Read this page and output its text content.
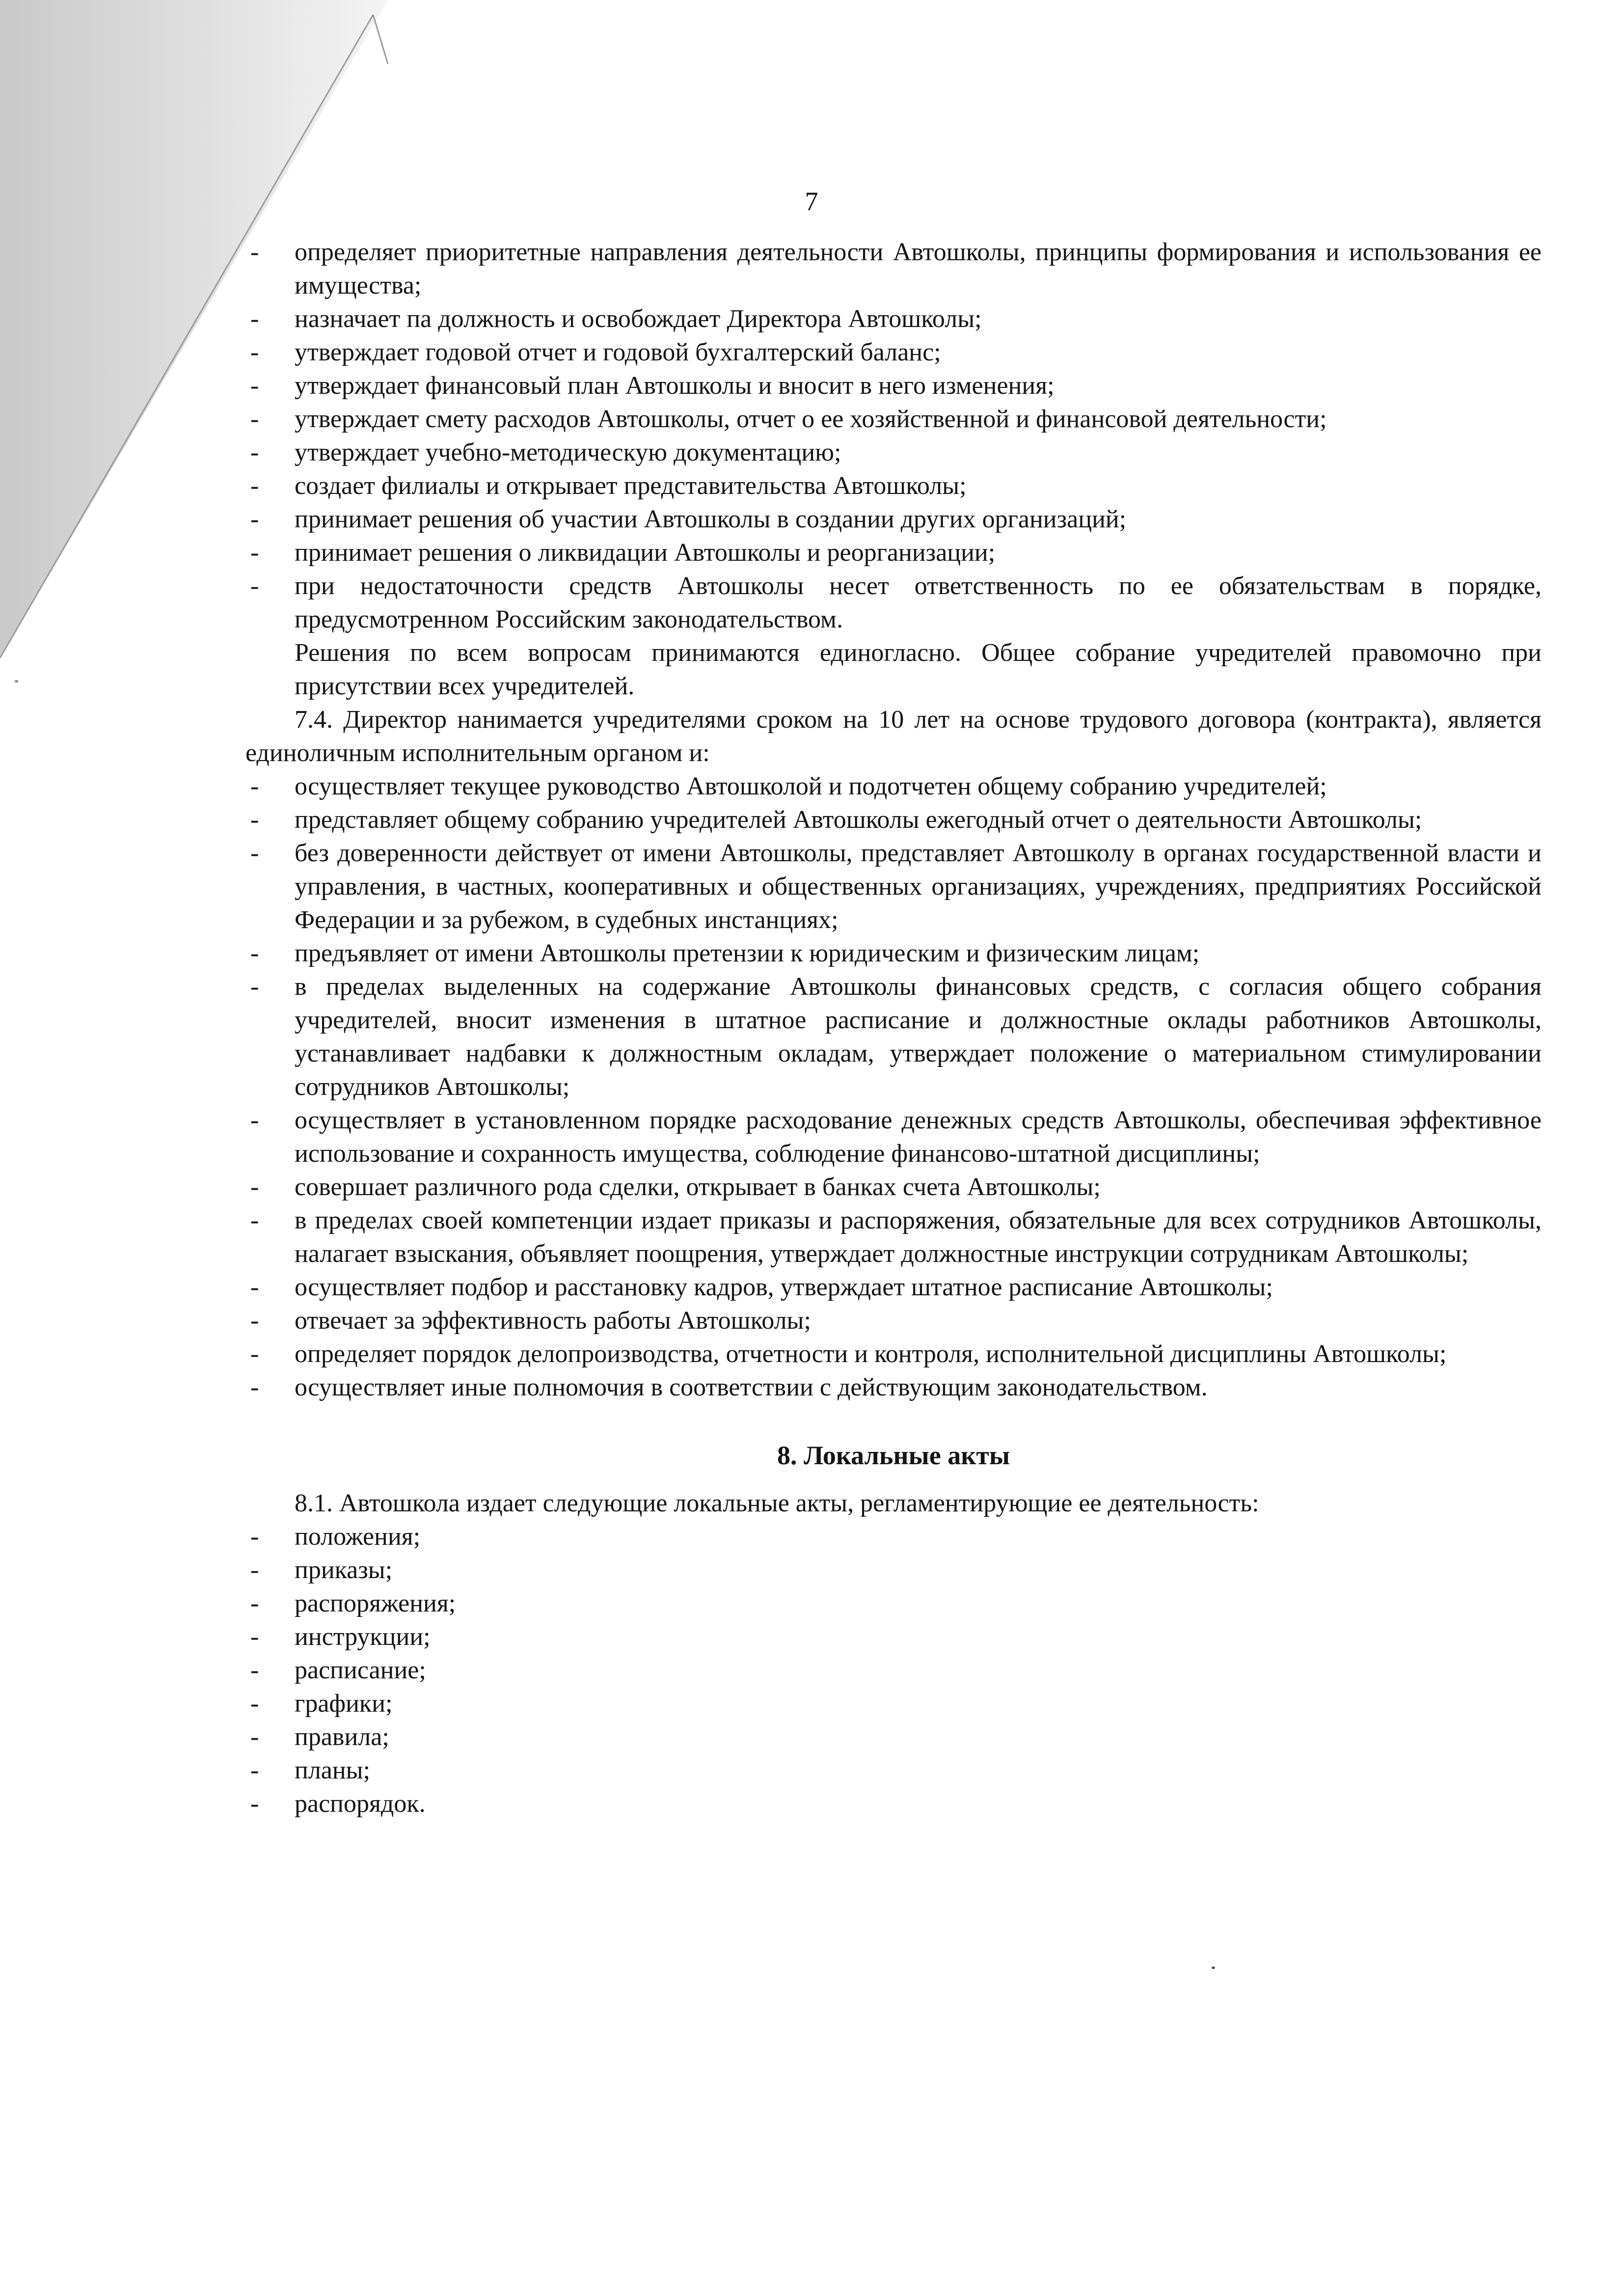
7
- определяет приоритетные направления деятельности Автошколы, принципы формирования и использования ее имущества;
- назначает па должность и освобождает Директора Автошколы;
- утверждает годовой отчет и годовой бухгалтерский баланс;
- утверждает финансовый план Автошколы и вносит в него изменения;
- утверждает смету расходов Автошколы, отчет о ее хозяйственной и финансовой деятельности;
- утверждает учебно-методическую документацию;
- создает филиалы и открывает представительства Автошколы;
- принимает решения об участии Автошколы в создании других организаций;
- принимает решения о ликвидации Автошколы и реорганизации;
- при недостаточности средств Автошколы несет ответственность по ее обязательствам в порядке, предусмотренном Российским законодательством.
Решения по всем вопросам принимаются единогласно. Общее собрание учредителей правомочно при присутствии всех учредителей.
7.4. Директор нанимается учредителями сроком на 10 лет на основе трудового договора (контракта), является единоличным исполнительным органом и:
- осуществляет текущее руководство Автошколой и подотчетен общему собранию учредителей;
- представляет общему собранию учредителей Автошколы ежегодный отчет о деятельности Автошколы;
- без доверенности действует от имени Автошколы, представляет Автошколу в органах государственной власти и управления, в частных, кооперативных и общественных организациях, учреждениях, предприятиях Российской Федерации и за рубежом, в судебных инстанциях;
- предъявляет от имени Автошколы претензии к юридическим и физическим лицам;
- в пределах выделенных на содержание Автошколы финансовых средств, с согласия общего собрания учредителей, вносит изменения в штатное расписание и должностные оклады работников Автошколы, устанавливает надбавки к должностным окладам, утверждает положение о материальном стимулировании сотрудников Автошколы;
- осуществляет в установленном порядке расходование денежных средств Автошколы, обеспечивая эффективное использование и сохранность имущества, соблюдение финансово-штатной дисциплины;
- совершает различного рода сделки, открывает в банках счета Автошколы;
- в пределах своей компетенции издает приказы и распоряжения, обязательные для всех сотрудников Автошколы, налагает взыскания, объявляет поощрения, утверждает должностные инструкции сотрудникам Автошколы;
- осуществляет подбор и расстановку кадров, утверждает штатное расписание Автошколы;
- отвечает за эффективность работы Автошколы;
- определяет порядок делопроизводства, отчетности и контроля, исполнительной дисциплины Автошколы;
- осуществляет иные полномочия в соответствии с действующим законодательством.
8. Локальные акты
8.1. Автошкола издает следующие локальные акты, регламентирующие ее деятельность:
- положения;
- приказы;
- распоряжения;
- инструкции;
- расписание;
- графики;
- правила;
- планы;
- распорядок.
